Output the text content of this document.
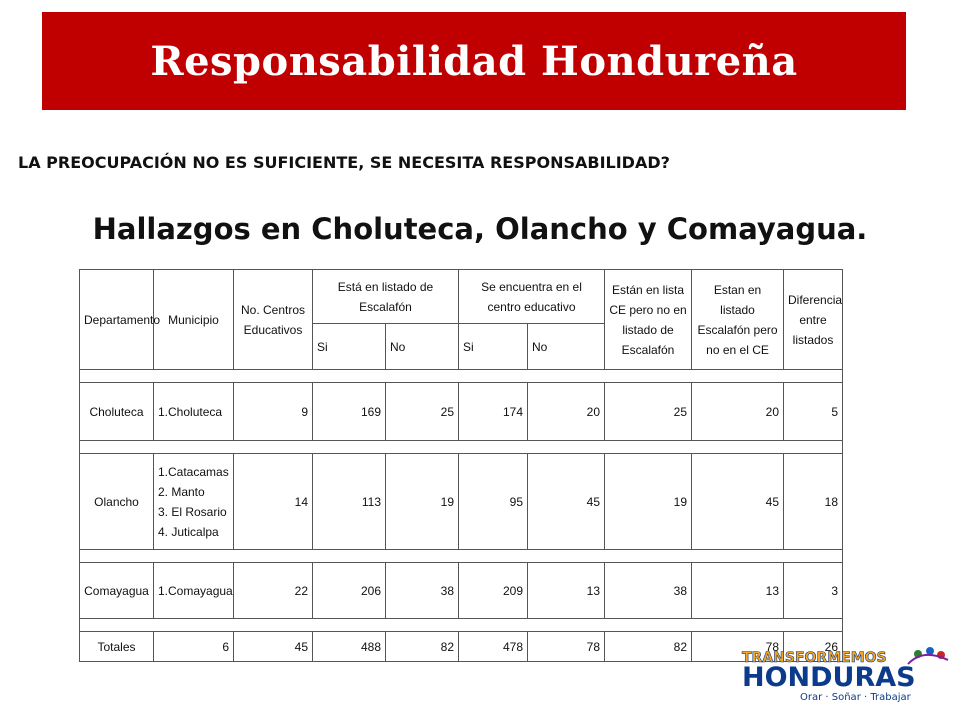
Responsabilidad Hondureña

LA PREOCUPACIÓN NO ES SUFICIENTE, SE NECESITA RESPONSABILIDAD?

Hallazgos en Choluteca, Olancho y Comayagua.

Departamento	Municipio	No. Centros Educativos	Está en listado de Escalafón		Se encuentra en el centro educativo		Están en lista CE pero no en listado de Escalafón	Estan en listado Escalafón pero no en el CE	Diferencia entre listados
			Si	No	Si	No			

Choluteca	1.Choluteca	9	169	25	174	20	25	20	5

Olancho	1.Catacamas
2. Manto
3. El Rosario
4. Juticalpa	14	113	19	95	45	19	45	18

Comayagua	1.Comayagua	22	206	38	209	13	38	13	3

Totales	6	45	488	82	478	78	82	78	26
TRANSFORMEMOS
HONDURAS
Orar · Soñar · Trabajar
